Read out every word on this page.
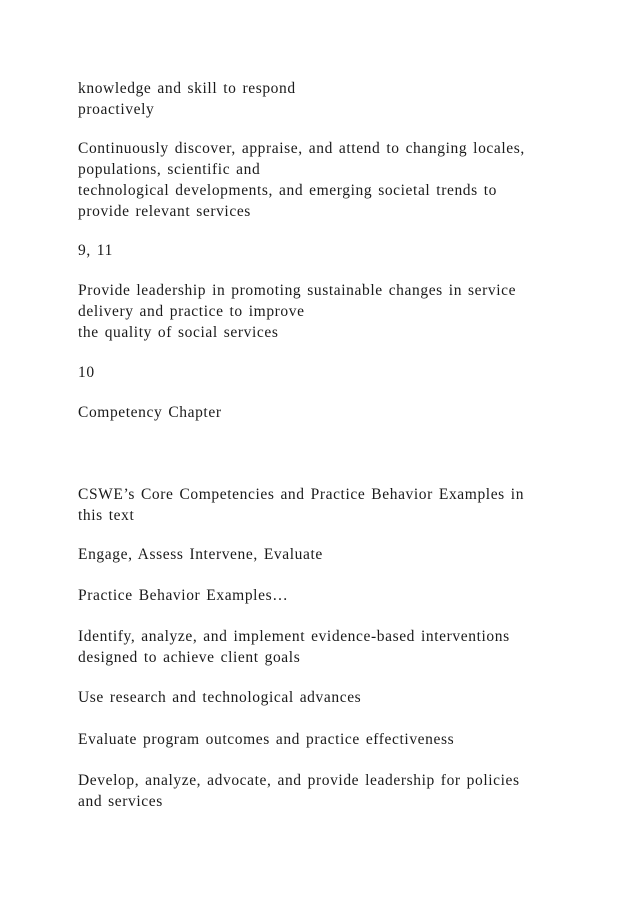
knowledge and skill to respond
proactively

Continuously discover, appraise, and attend to changing locales,
populations, scientific and
technological developments, and emerging societal trends to
provide relevant services

9, 11

Provide leadership in promoting sustainable changes in service
delivery and practice to improve
the quality of social services

10

Competency Chapter

CSWE’s Core Competencies and Practice Behavior Examples in
this text

Engage, Assess Intervene, Evaluate

Practice Behavior Examples…

Identify, analyze, and implement evidence-based interventions
designed to achieve client goals

Use research and technological advances

Evaluate program outcomes and practice effectiveness

Develop, analyze, advocate, and provide leadership for policies
and services
